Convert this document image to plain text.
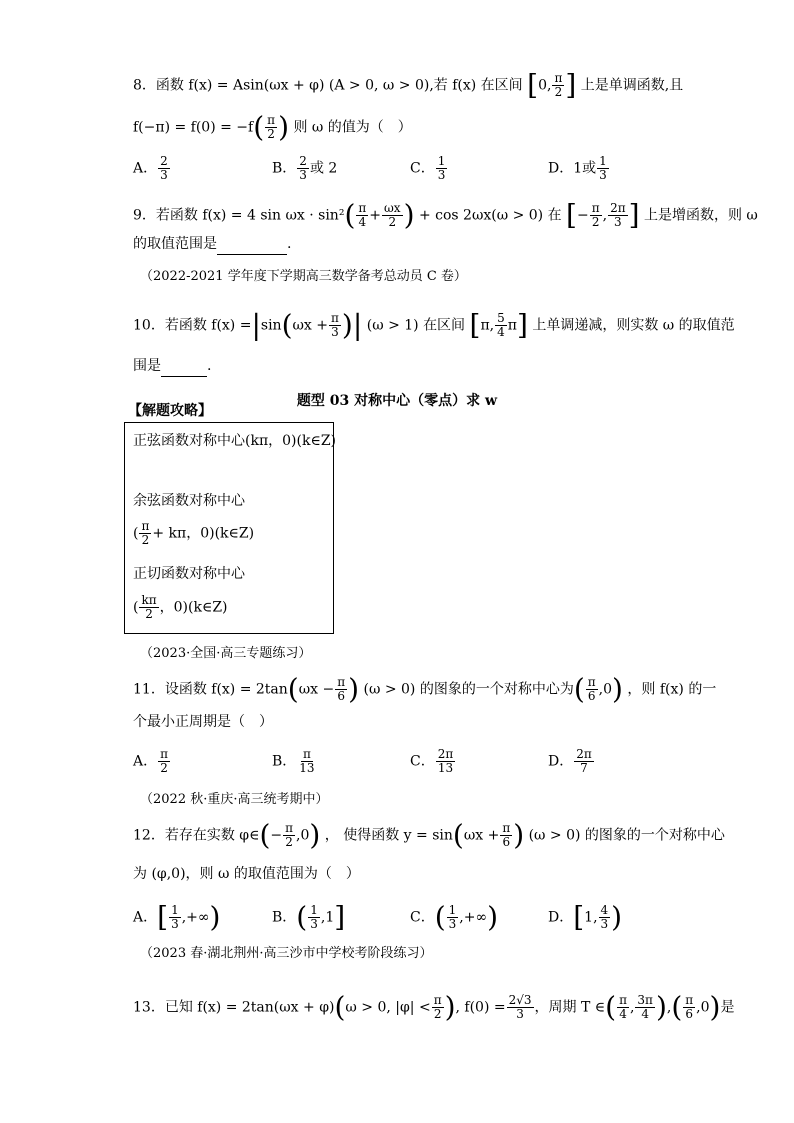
8．函数 f(x) = Asin(ωx + φ) (A > 0, ω > 0),若 f(x) 在区间 [0, $\frac{\pi}{2}$ ] 上是单调函数,且
$f(-\pi) = f(0) = -f( \frac{\pi}{2}$ ) 则 ω 的值为（　）
A． $\frac{2}{3}$	B． $\frac{2}{3}$ 或 2	C． $\frac{1}{3}$	D．1或 $\frac{1}{3}$
9．若函数 f(x) = 4 $\sin \omega x \cdot \sin^2( \frac{\pi}{4} + \frac{\omega x}{2}$ ) + cos 2ωx(ω > 0) 在 [− $\frac{\pi}{2}$ , $\frac{2\pi}{3}$ ] 上是增函数，则 ω
的取值范围是	.
（2022-2021 学年度下学期高三数学备考总动员 C 卷）
10．若函数 $f(x) =|\sin(\omega x + \frac{\pi}{3}$ )| (ω > 1) 在区间 [π, $\frac{5}{4} \pi$] 上单调递减，则实数 ω 的取值范
围是	.
题型 03 对称中心（零点）求 w
【解题攻略】
正弦函数对称中心(kπ，0)(k∈Z)
余弦函数对称中心
( $\frac{\pi}{2} + k\pi$，0)(k∈Z)
正切函数对称中心
( $\frac{k\pi}{2}$ ，0)(k∈Z)
（2023·全国·高三专题练习）
11．设函数 $f(x) = 2\tan(\omega x - \frac{\pi}{6}$ ) (ω > 0) 的图象的一个对称中心为( $\frac{\pi}{6} ,0$) ，则 f(x) 的一
个最小正周期是（　）
A． $\frac{\pi}{2}$	B． $\frac{\pi}{13}$	C． $\frac{2\pi}{13}$	D． $\frac{2\pi}{7}$
（2022 秋·重庆·高三统考期中）
12．若存在实数 φ∈(− $\frac{\pi}{2} ,0$) ， 使得函数 $y = \sin(\omega x + \frac{\pi}{6}$ ) (ω > 0) 的图象的一个对称中心
为 (φ,0)，则 ω 的取值范围为（　）
A．[ $\frac{1}{3}$ ,+∞)	B．( $\frac{1}{3} ,1$]	C．( $\frac{1}{3}$ ,+∞)	D．[1, $\frac{4}{3}$ )
（2023 春·湖北荆州·高三沙市中学校考阶段练习）
13．已知 f(x) = 2tan(ωx + φ)(ω > 0, $|\varphi| < \frac{\pi}{2}$ ), $f(0) = \frac{2√3}{3}$ ，周期 T ∈( $\frac{\pi}{4}$ , $\frac{3\pi}{4}$ ),( $\frac{\pi}{6} ,0$)是
